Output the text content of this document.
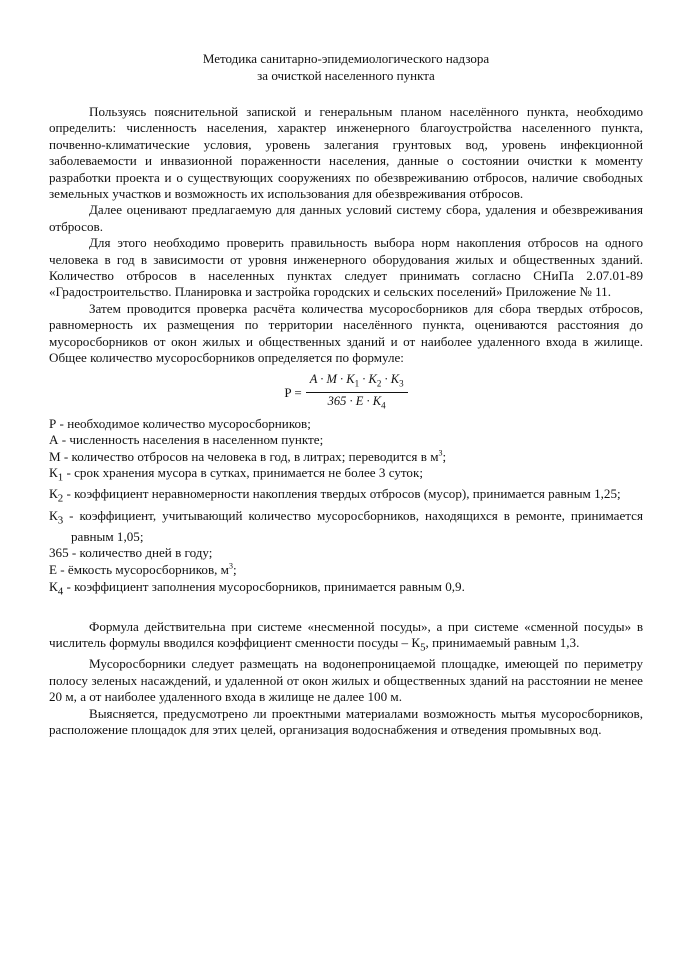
Методика санитарно-эпидемиологического надзора
за очисткой населенного пункта

Пользуясь пояснительной запиской и генеральным планом населённого пункта, необходимо определить: численность населения, характер инженерного благоустройства населенного пункта, почвенно-климатические условия, уровень залегания грунтовых вод, уровень инфекционной заболеваемости и инвазионной пораженности населения, данные о состоянии очистки к моменту разработки проекта и о существующих сооружениях по обезвреживанию отбросов, наличие свободных земельных участков и возможность их использования для обезвреживания отбросов.

Далее оценивают предлагаемую для данных условий систему сбора, удаления и обезвреживания отбросов.

Для этого необходимо проверить правильность выбора норм накопления отбросов на одного человека в год в зависимости от уровня инженерного оборудования жилых и общественных зданий. Количество отбросов в населенных пунктах следует принимать согласно СНиПа 2.07.01-89 «Градостроительство. Планировка и застройка городских и сельских поселений» Приложение № 11.

Затем проводится проверка расчёта количества мусоросборников для сбора твердых отбросов, равномерность их размещения по территории населённого пункта, оцениваются расстояния до мусоросборников от окон жилых и общественных зданий и от наиболее удаленного входа в жилище. Общее количество мусоросборников определяется по формуле:

$P = \frac{A \cdot M \cdot K_1 \cdot K_2 \cdot K_3}{365 \cdot E \cdot K_4}$
Р - необходимое количество мусоросборников;
А - численность населения в населенном пункте;
М - количество отбросов на человека в год, в литрах; переводится в $м^3$;
$К_1$ - срок хранения мусора в сутках, принимается не более 3 суток;
$К_2$ - коэффициент неравномерности накопления твердых отбросов (мусор), принимается равным 1,25;
$К_3$ - коэффициент, учитывающий количество мусоросборников, находящихся в ремонте, принимается равным 1,05;
365 - количество дней в году;
Е - ёмкость мусоросборников, $м^3$;
$К_4$ - коэффициент заполнения мусоросборников, принимается равным 0,9.

Формула действительна при системе «несменной посуды», а при системе «сменной посуды» в числитель формулы вводился коэффициент сменности посуды – $К_5$, принимаемый равным 1,3.

Мусоросборники следует размещать на водонепроницаемой площадке, имеющей по периметру полосу зеленых насаждений, и удаленной от окон жилых и общественных зданий на расстоянии не менее 20 м, а от наиболее удаленного входа в жилище не далее 100 м.

Выясняется, предусмотрено ли проектными материалами возможность мытья мусоросборников, расположение площадок для этих целей, организация водоснабжения и отведения промывных вод.
